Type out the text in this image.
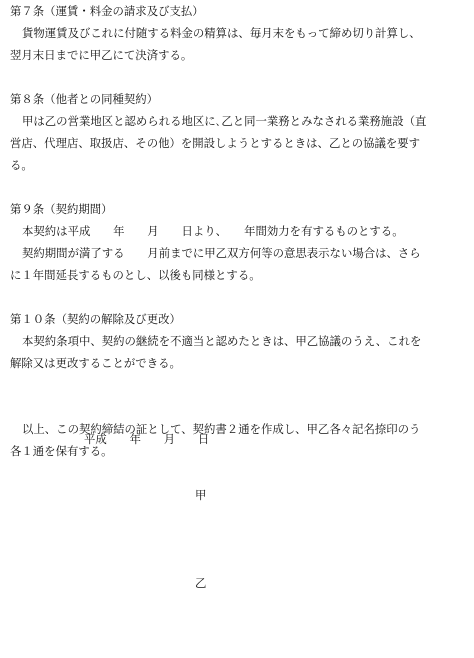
第７条（運賃・料金の請求及び支払）
貨物運賃及びこれに付随する料金の精算は、毎月末をもって締め切り計算し、
翌月末日までに甲乙にて決済する。
第８条（他者との同種契約）
甲は乙の営業地区と認められる地区に､乙と同一業務とみなされる業務施設（直
営店、代理店、取扱店、その他）を開設しようとするときは、乙との協議を要す
る。
第９条（契約期間）
本契約は平成　　年　　月　　日より、　　年間効力を有するものとする。
契約期間が満了する　　月前までに甲乙双方何等の意思表示ない場合は、さら
に１年間延長するものとし、以後も同様とする。
第１０条（契約の解除及び更改）
本契約条項中、契約の継続を不適当と認めたときは、甲乙協議のうえ、これを
解除又は更改することができる。
以上、この契約締結の証として、契約書２通を作成し、甲乙各々記名捺印のう
各１通を保有する。
平成　　年　　月　　日
甲
乙
